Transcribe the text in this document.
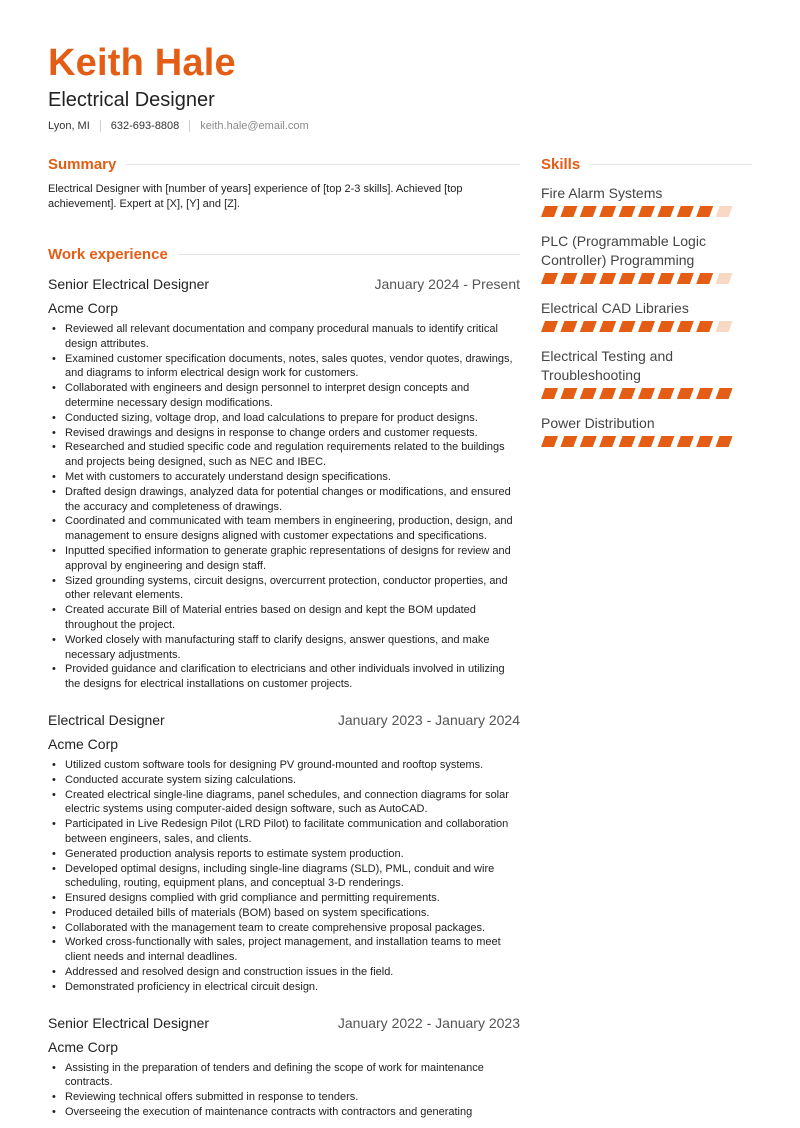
Keith Hale
Electrical Designer
Lyon, MI 632-693-8808 keith.hale@email.com
Summary

Electrical Designer with [number of years] experience of [top 2-3 skills]. Achieved [top achievement]. Expert at [X], [Y] and [Z].

Work experience
Senior Electrical Designer	January 2024 - Present
Acme Corp
• Reviewed all relevant documentation and company procedural manuals to identify critical design attributes.
• Examined customer specification documents, notes, sales quotes, vendor quotes, drawings, and diagrams to inform electrical design work for customers.
• Collaborated with engineers and design personnel to interpret design concepts and determine necessary design modifications.
• Conducted sizing, voltage drop, and load calculations to prepare for product designs.
• Revised drawings and designs in response to change orders and customer requests.
• Researched and studied specific code and regulation requirements related to the buildings and projects being designed, such as NEC and IBEC.
• Met with customers to accurately understand design specifications.
• Drafted design drawings, analyzed data for potential changes or modifications, and ensured the accuracy and completeness of drawings.
• Coordinated and communicated with team members in engineering, production, design, and management to ensure designs aligned with customer expectations and specifications.
• Inputted specified information to generate graphic representations of designs for review and approval by engineering and design staff.
• Sized grounding systems, circuit designs, overcurrent protection, conductor properties, and other relevant elements.
• Created accurate Bill of Material entries based on design and kept the BOM updated throughout the project.
• Worked closely with manufacturing staff to clarify designs, answer questions, and make necessary adjustments.
• Provided guidance and clarification to electricians and other individuals involved in utilizing the designs for electrical installations on customer projects.
Electrical Designer	January 2023 - January 2024
Acme Corp
• Utilized custom software tools for designing PV ground-mounted and rooftop systems.
• Conducted accurate system sizing calculations.
• Created electrical single-line diagrams, panel schedules, and connection diagrams for solar electric systems using computer-aided design software, such as AutoCAD.
• Participated in Live Redesign Pilot (LRD Pilot) to facilitate communication and collaboration between engineers, sales, and clients.
• Generated production analysis reports to estimate system production.
• Developed optimal designs, including single-line diagrams (SLD), PML, conduit and wire scheduling, routing, equipment plans, and conceptual 3-D renderings.
• Ensured designs complied with grid compliance and permitting requirements.
• Produced detailed bills of materials (BOM) based on system specifications.
• Collaborated with the management team to create comprehensive proposal packages.
• Worked cross-functionally with sales, project management, and installation teams to meet client needs and internal deadlines.
• Addressed and resolved design and construction issues in the field.
• Demonstrated proficiency in electrical circuit design.
Senior Electrical Designer	January 2022 - January 2023
Acme Corp
• Assisting in the preparation of tenders and defining the scope of work for maintenance contracts.
• Reviewing technical offers submitted in response to tenders.
• Overseeing the execution of maintenance contracts with contractors and generating
Skills
Fire Alarm Systems
PLC (Programmable Logic Controller) Programming
Electrical CAD Libraries
Electrical Testing and Troubleshooting
Power Distribution
